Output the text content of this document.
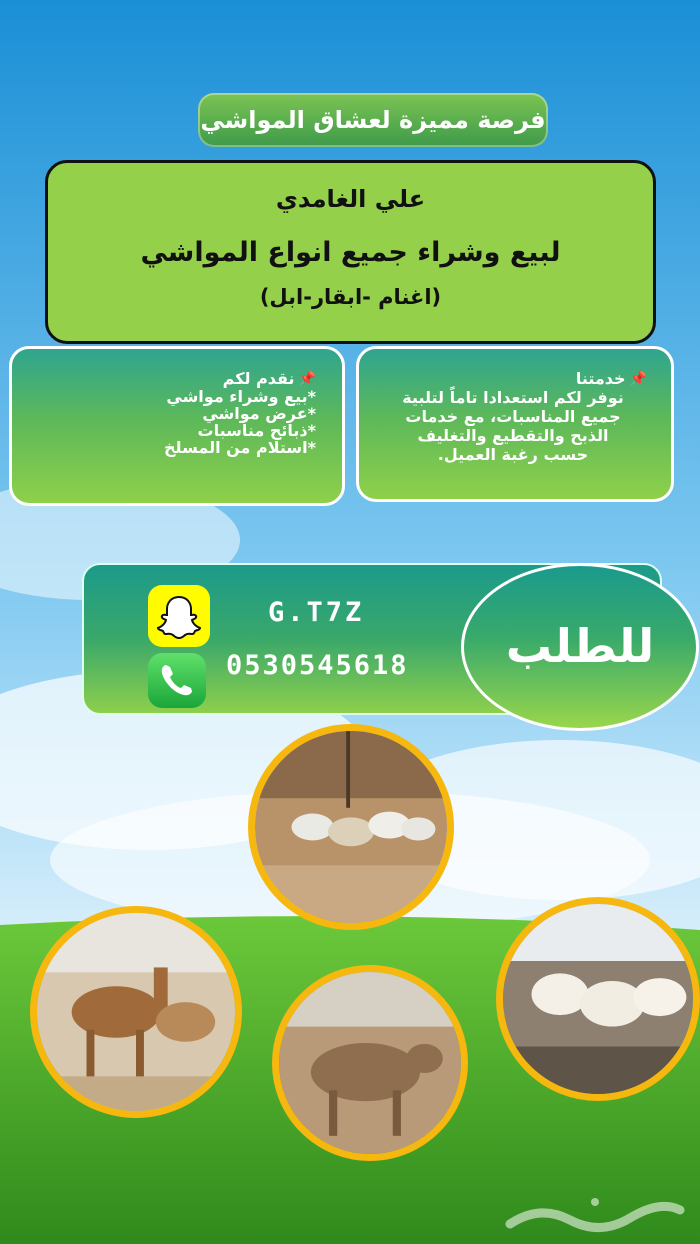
فرصة مميزة لعشاق المواشي
علي الغامدي
لبيع وشراء جميع انواع المواشي
(اغنام -ابقار-ابل)
📌
نقدم لكم
*بيع وشراء مواشي
*عرض مواشي
*ذبائح مناسبات
*استلام من المسلخ
📌
خدمتنا
نوفر لكم استعدادا تاماً لتلبية
جميع المناسبات، مع خدمات
الذبح والتقطيع والتغليف
حسب رغبة العميل.
G.T7Z
0530545618	للطلب
